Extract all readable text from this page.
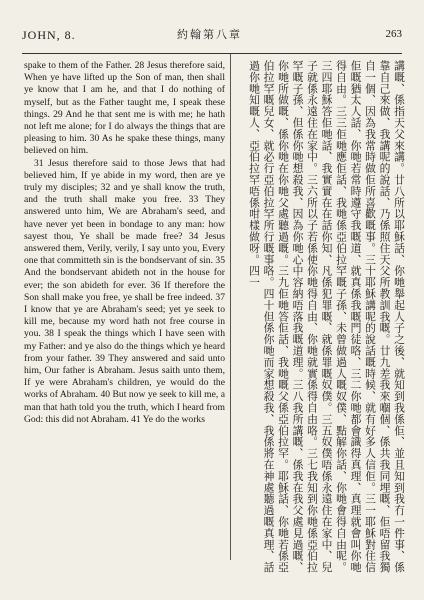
JOHN, 8.	約翰第八章	263

spake to them of the Father. 28 Jesus therefore said, When ye have lifted up the Son of man, then shall ye know that I am he, and that I do nothing of myself, but as the Father taught me, I speak these things. 29 And he that sent me is with me; he hath not left me alone; for I do always the things that are pleasing to him. 30 As he spake these things, many believed on him.

31 Jesus therefore said to those Jews that had believed him, If ye abide in my word, then are ye truly my disciples; 32 and ye shall know the truth, and the truth shall make you free. 33 They answered unto him, We are Abraham's seed, and have never yet been in bondage to any man: how sayest thou, Ye shall be made free? 34 Jesus answered them, Verily, verily, I say unto you, Every one that committeth sin is the bondservant of sin. 35 And the bondservant abideth not in the house for ever; the son abideth for ever. 36 If therefore the Son shall make you free, ye shall be free indeed. 37 I know that ye are Abraham's seed; yet ye seek to kill me, because my word hath not free course in you. 38 I speak the things which I have seen with my Father: and ye also do the things which ye heard from your father. 39 They answered and said unto him, Our father is Abraham. Jesus saith unto them, If ye were Abraham's children, ye would do the works of Abraham. 40 But now ye seek to kill me, a man that hath told you the truth, which I heard from God: this did not Abraham. 41 Ye do the works	講嘅、係指天父來講。廿八所以耶穌話、你哋舉起人子之後、就知到我係佢、並且知到我冇一件事、係靠自己來做、我講呢的說話、乃係照住天父所教訓我嘅。廿九差我來嗰個、係共我同埋嘅、佢唔留我獨自一個、因為我常時做佢所喜歡嘅事。三十耶穌講呢的說話嘅時候、就有好多人信佢。三一耶穌對住信佢嘅猶太人話、你哋若常時遵守我嘅道、就真係我嘅門徒咯、三二你哋都會識得真理、真理就會叫你哋得自由。三三佢哋應佢話、我哋係亞伯拉罕嘅子孫、未曾做過人嘅奴僕、點解你話、你哋會得自由呢。三四耶穌答佢哋話、我實實在在話你知、凡係犯罪嘅、就係罪嘅奴僕。三五奴僕唔係永遠住在家中、兒子就係永遠住在家中。三六所以子若係使你哋得自由、你哋就實係得自由咯。三七我知到你哋係亞伯拉罕嘅子孫、但係你哋想殺我、因為你哋心中容納唔落我嘅道理。三八我所講嘅、係我在我父處見過嘅、你哋所做嘅、係你哋在你哋父處聽過嘅。三九佢哋答佢話、我哋嘅父係亞伯拉罕。耶穌話、你哋若係亞伯拉罕嘅兒女、就必行亞伯拉罕所行嘅事咯。四十但係你哋而家想殺我、我係將在神處聽過嘅真理、話過你哋知嘅人、亞伯拉罕唔係咁樣做呀。四一
